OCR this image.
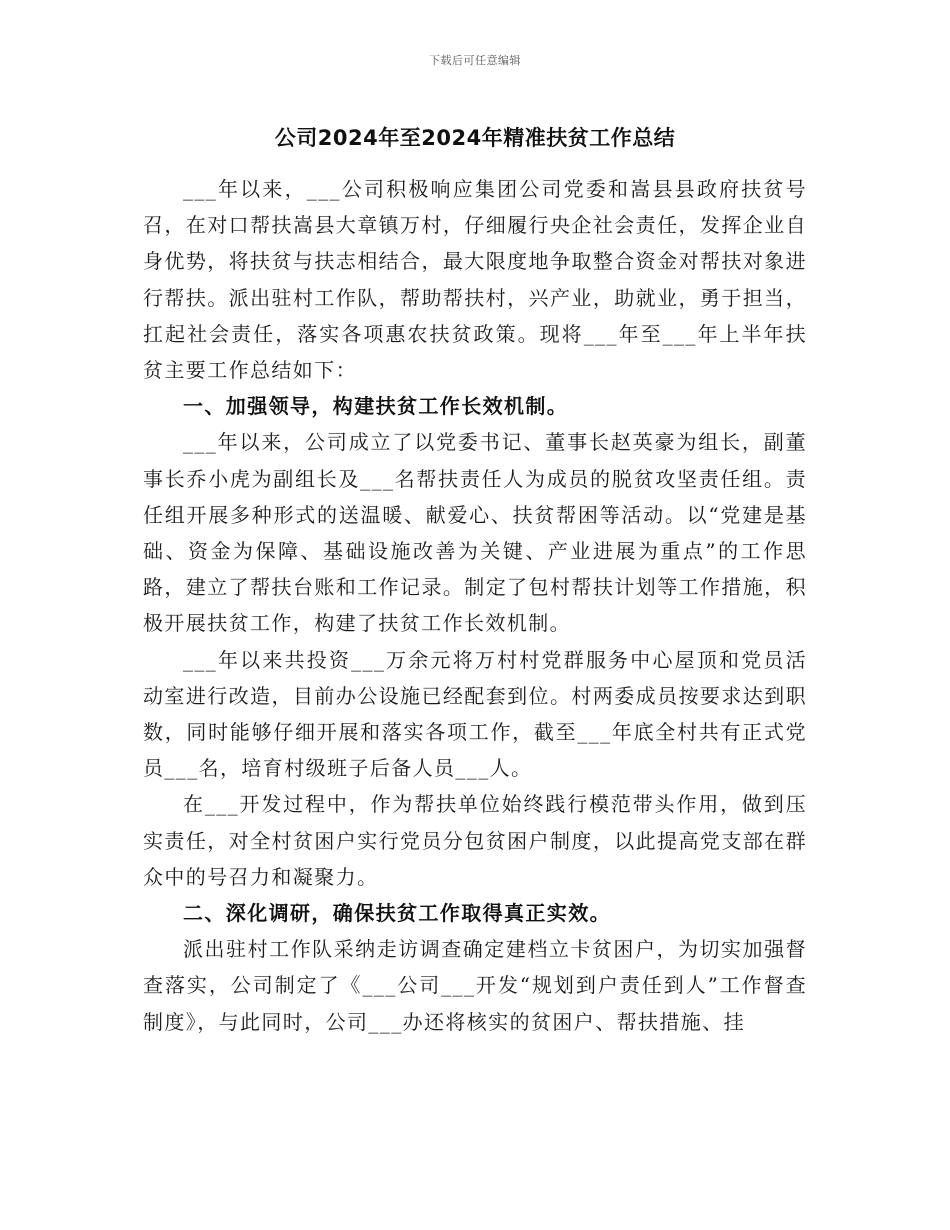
下载后可任意编辑
公司2024年至2024年精准扶贫工作总结

___年以来，___公司积极响应集团公司党委和嵩县县政府扶贫号召，在对口帮扶嵩县大章镇万村，仔细履行央企社会责任，发挥企业自身优势，将扶贫与扶志相结合，最大限度地争取整合资金对帮扶对象进行帮扶。派出驻村工作队，帮助帮扶村，兴产业，助就业，勇于担当，扛起社会责任，落实各项惠农扶贫政策。现将___年至___年上半年扶贫主要工作总结如下：

一、加强领导，构建扶贫工作长效机制。

___年以来，公司成立了以党委书记、董事长赵英豪为组长，副董事长乔小虎为副组长及___名帮扶责任人为成员的脱贫攻坚责任组。责任组开展多种形式的送温暖、献爱心、扶贫帮困等活动。以“党建是基础、资金为保障、基础设施改善为关键、产业进展为重点”的工作思路，建立了帮扶台账和工作记录。制定了包村帮扶计划等工作措施，积极开展扶贫工作，构建了扶贫工作长效机制。

___年以来共投资___万余元将万村村党群服务中心屋顶和党员活动室进行改造，目前办公设施已经配套到位。村两委成员按要求达到职数，同时能够仔细开展和落实各项工作，截至___年底全村共有正式党员___名，培育村级班子后备人员___人。

在___开发过程中，作为帮扶单位始终践行模范带头作用，做到压实责任，对全村贫困户实行党员分包贫困户制度，以此提高党支部在群众中的号召力和凝聚力。

二、深化调研，确保扶贫工作取得真正实效。

派出驻村工作队采纳走访调查确定建档立卡贫困户，为切实加强督查落实，公司制定了《___公司___开发“规划到户责任到人”工作督查制度》，与此同时，公司___办还将核实的贫困户、帮扶措施、挂
